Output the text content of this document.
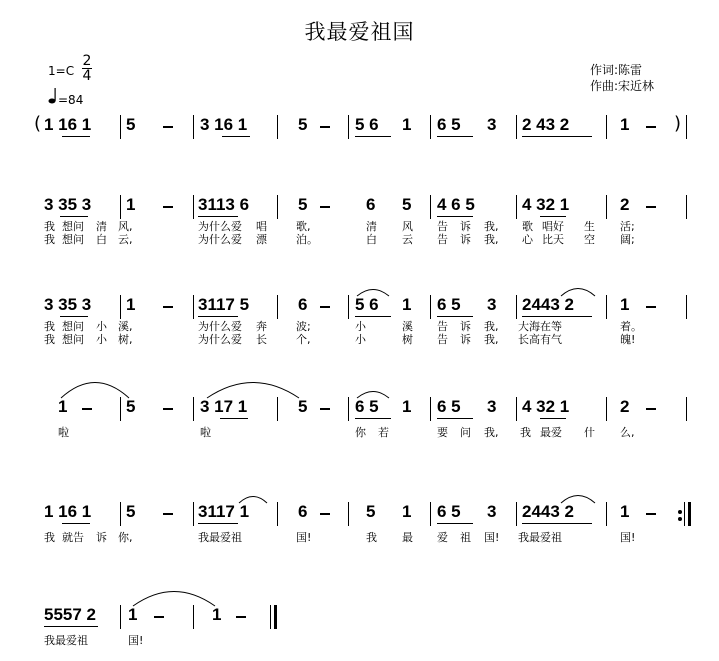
我最爱祖国
1=C
2
4
=84
作词:陈雷
作曲:宋近林
( 1 16 1 5	3 16 1	5	5 6 1 6 5 3 2 43 2	1 )
3 35 3 1	3113 6	5	6 5 4 6 5	4 32 1	2
我 想问 清 风,	为什么爱 唱	歌,	清 风 告 诉 我, 歌 唱好 生 活;
我 想问 白 云,	为什么爱 漂	泊。	白 云 告 诉 我, 心 比天 空 阔;
3 35 3 1	3117 5	6	5 6 1 6 5 3 2443 2	1
我 想问 小 溪,	为什么爱 奔	波;	小	溪 告 诉 我, 大海在等	着。
我 想问 小 树,	为什么爱 长	个,	小	树 告 诉 我, 长高有气	魄!
1	5	3 17 1	5	6 5 1 6 5 3 4 32 1	2
啦	啦	你 若	要 问 我, 我 最爱 什 么,
1 16 1 5	3117 1	6	5 1 6 5 3 2443 2	1
我 就告 诉 你,	我最爱祖	国!	我 最 爱 祖 国! 我最爱祖	国!
5557 2 1	1
我最爱祖	国!
